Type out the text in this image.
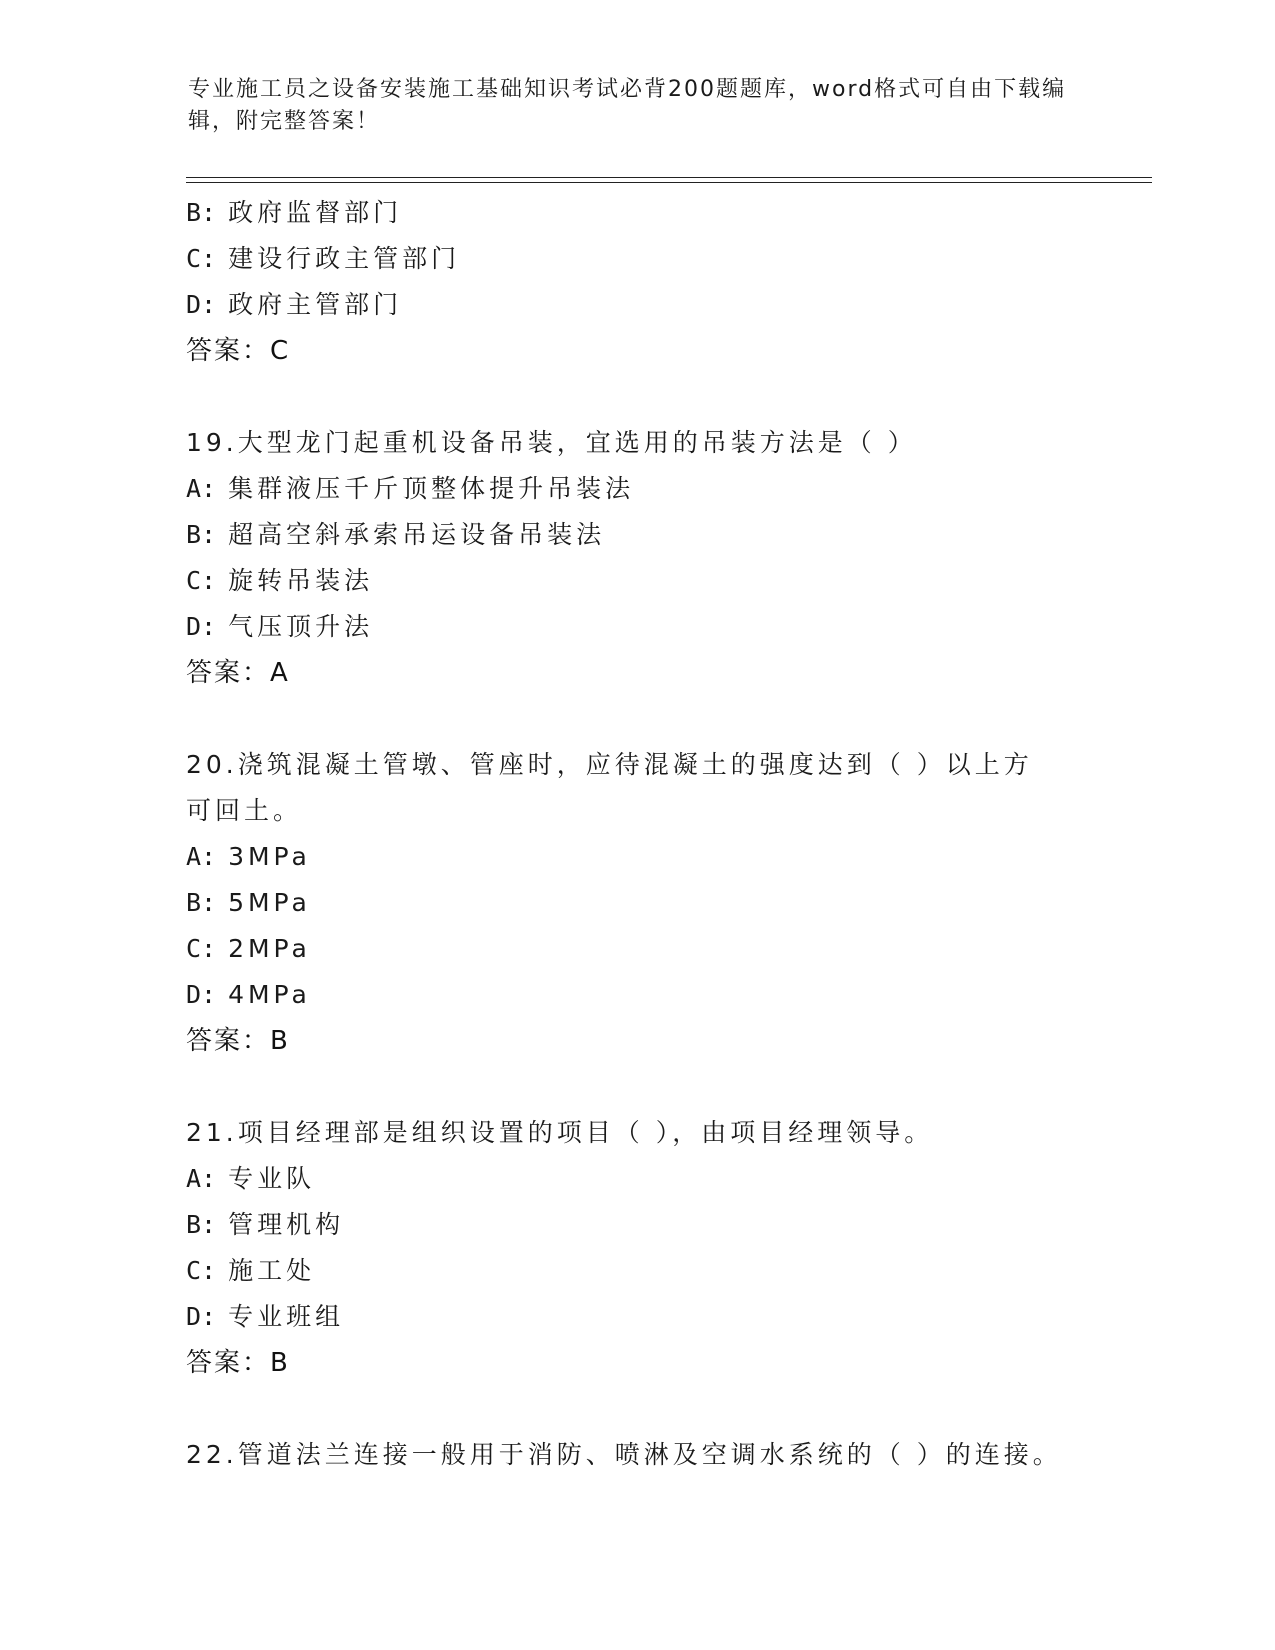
专业施工员之设备安装施工基础知识考试必背200题题库，word格式可自由下载编辑，附完整答案！
B: 政府监督部门
C: 建设行政主管部门
D: 政府主管部门
答案：C
19.大型龙门起重机设备吊装，宜选用的吊装方法是（ ）
A: 集群液压千斤顶整体提升吊装法
B: 超高空斜承索吊运设备吊装法
C: 旋转吊装法
D: 气压顶升法
答案：A
20.浇筑混凝土管墩、管座时，应待混凝土的强度达到（ ）以上方可回土。
A: 3MPa
B: 5MPa
C: 2MPa
D: 4MPa
答案：B
21.项目经理部是组织设置的项目（ ），由项目经理领导。
A: 专业队
B: 管理机构
C: 施工处
D: 专业班组
答案：B
22.管道法兰连接一般用于消防、喷淋及空调水系统的（ ）的连接。
